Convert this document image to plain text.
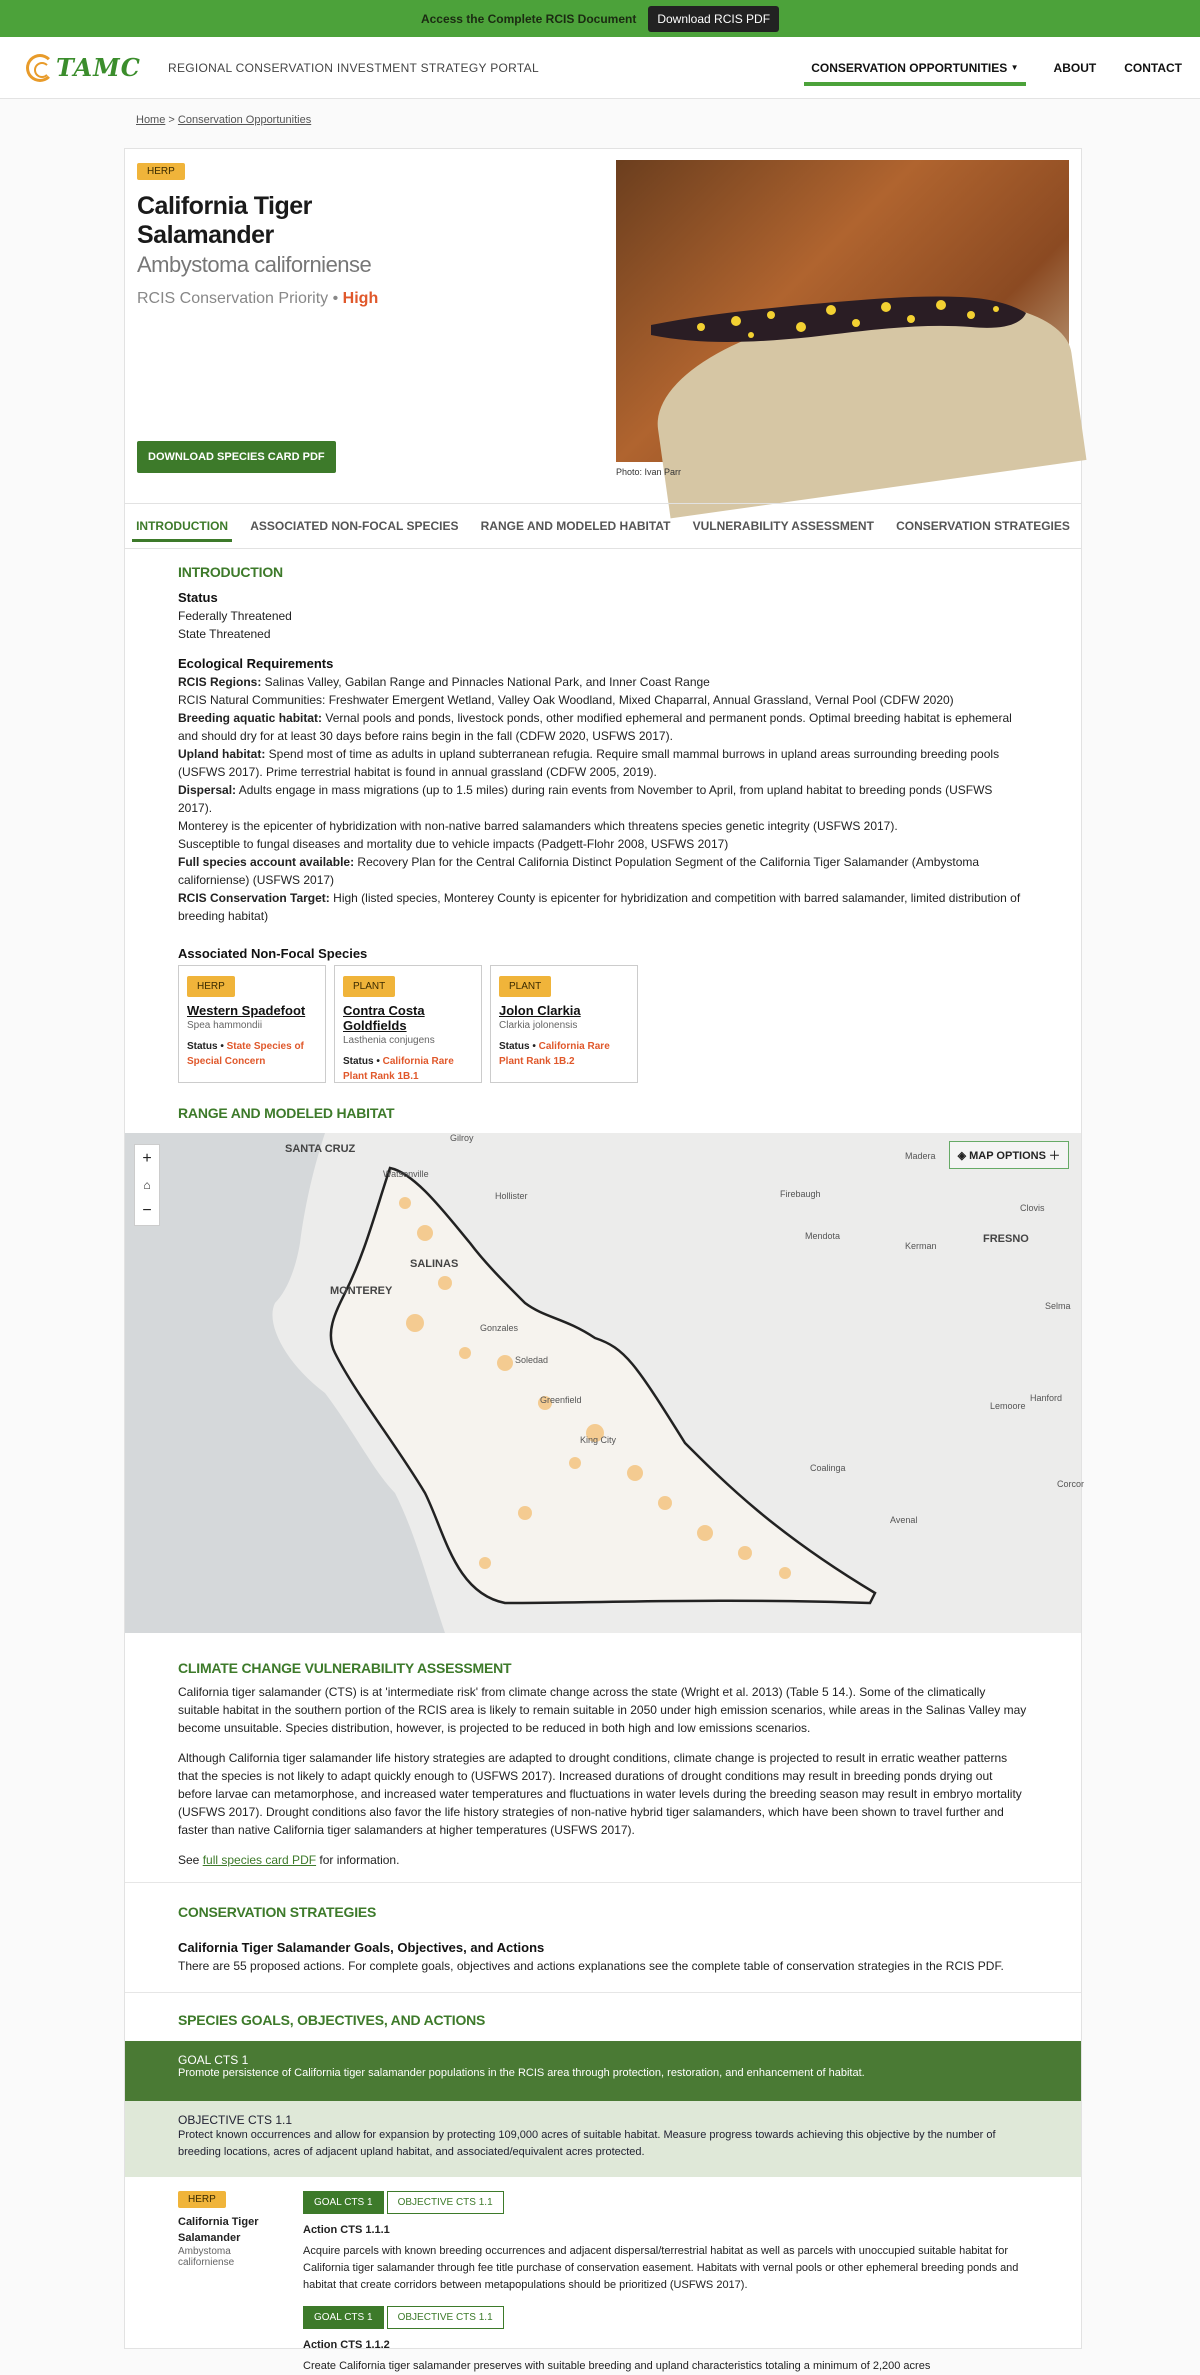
Access the Complete RCIS Document	Download RCIS PDF
TAMC REGIONAL CONSERVATION INVESTMENT STRATEGY PORTAL	CONSERVATION OPPORTUNITIES
▼	ABOUT CONTACT
Home > Conservation Opportunities
HERP
California Tiger Salamander
Ambystoma californiense
RCIS Conservation Priority • High
DOWNLOAD SPECIES CARD PDF
Photo: Ivan Parr
INTRODUCTION ASSOCIATED NON-FOCAL SPECIES RANGE AND MODELED HABITAT VULNERABILITY ASSESSMENT CONSERVATION STRATEGIES
INTRODUCTION
Status

Federally Threatened

State Threatened

Ecological Requirements

RCIS Regions: Salinas Valley, Gabilan Range and Pinnacles National Park, and Inner Coast Range

RCIS Natural Communities: Freshwater Emergent Wetland, Valley Oak Woodland, Mixed Chaparral, Annual Grassland, Vernal Pool (CDFW 2020)

Breeding aquatic habitat: Vernal pools and ponds, livestock ponds, other modified ephemeral and permanent ponds. Optimal breeding habitat is ephemeral and should dry for at least 30 days before rains begin in the fall (CDFW 2020, USFWS 2017).

Upland habitat: Spend most of time as adults in upland subterranean refugia. Require small mammal burrows in upland areas surrounding breeding pools (USFWS 2017). Prime terrestrial habitat is found in annual grassland (CDFW 2005, 2019).

Dispersal: Adults engage in mass migrations (up to 1.5 miles) during rain events from November to April, from upland habitat to breeding ponds (USFWS 2017).

Monterey is the epicenter of hybridization with non-native barred salamanders which threatens species genetic integrity (USFWS 2017).

Susceptible to fungal diseases and mortality due to vehicle impacts (Padgett-Flohr 2008, USFWS 2017)

Full species account available: Recovery Plan for the Central California Distinct Population Segment of the California Tiger Salamander (Ambystoma californiense) (USFWS 2017)

RCIS Conservation Target: High (listed species, Monterey County is epicenter for hybridization and competition with barred salamander, limited distribution of breeding habitat)

Associated Non-Focal Species
HERP
Western Spadefoot
Spea hammondii
Status • State Species of Special Concern
PLANT
Contra Costa Goldfields
Lasthenia conjugens
Status • California Rare Plant Rank 1B.1
PLANT
Jolon Clarkia
Clarkia jolonensis
Status • California Rare Plant Rank 1B.2
RANGE AND MODELED HABITAT
+
⌂
−
◈ MAP OPTIONS ＋
SANTA CRUZ
Gilroy
Watsonville
Hollister
SALINAS
MONTEREY
Gonzales
Soledad
Greenfield
King City
Madera
Firebaugh
Mendota
Kerman
FRESNO
Clovis
Selma
Hanford
Lemoore
Coalinga
Avenal
Corcor
CLIMATE CHANGE VULNERABILITY ASSESSMENT

California tiger salamander (CTS) is at 'intermediate risk' from climate change across the state (Wright et al. 2013) (Table 5 14.). Some of the climatically suitable habitat in the southern portion of the RCIS area is likely to remain suitable in 2050 under high emission scenarios, while areas in the Salinas Valley may become unsuitable. Species distribution, however, is projected to be reduced in both high and low emissions scenarios.

Although California tiger salamander life history strategies are adapted to drought conditions, climate change is projected to result in erratic weather patterns that the species is not likely to adapt quickly enough to (USFWS 2017). Increased durations of drought conditions may result in breeding ponds drying out before larvae can metamorphose, and increased water temperatures and fluctuations in water levels during the breeding season may result in embryo mortality (USFWS 2017). Drought conditions also favor the life history strategies of non-native hybrid tiger salamanders, which have been shown to travel further and faster than native California tiger salamanders at higher temperatures (USFWS 2017).

See full species card PDF for information.

CONSERVATION STRATEGIES
California Tiger Salamander Goals, Objectives, and Actions

There are 55 proposed actions. For complete goals, objectives and actions explanations see the complete table of conservation strategies in the RCIS PDF.

SPECIES GOALS, OBJECTIVES, AND ACTIONS
GOAL CTS 1
Promote persistence of California tiger salamander populations in the RCIS area through protection, restoration, and enhancement of habitat.
OBJECTIVE CTS 1.1
Protect known occurrences and allow for expansion by protecting 109,000 acres of suitable habitat. Measure progress towards achieving this objective by the number of breeding locations, acres of adjacent upland habitat, and associated/equivalent acres protected.
HERP
California Tiger Salamander
Ambystoma californiense
GOAL CTS 1	OBJECTIVE CTS 1.1
Action CTS 1.1.1
Acquire parcels with known breeding occurrences and adjacent dispersal/terrestrial habitat as well as parcels with unoccupied suitable habitat for California tiger salamander through fee title purchase of conservation easement. Habitats with vernal pools or other ephemeral breeding ponds and habitat that create corridors between metapopulations should be prioritized (USFWS 2017).
GOAL CTS 1	OBJECTIVE CTS 1.1
Action CTS 1.1.2
Create California tiger salamander preserves with suitable breeding and upland characteristics totaling a minimum of 2,200 acres
